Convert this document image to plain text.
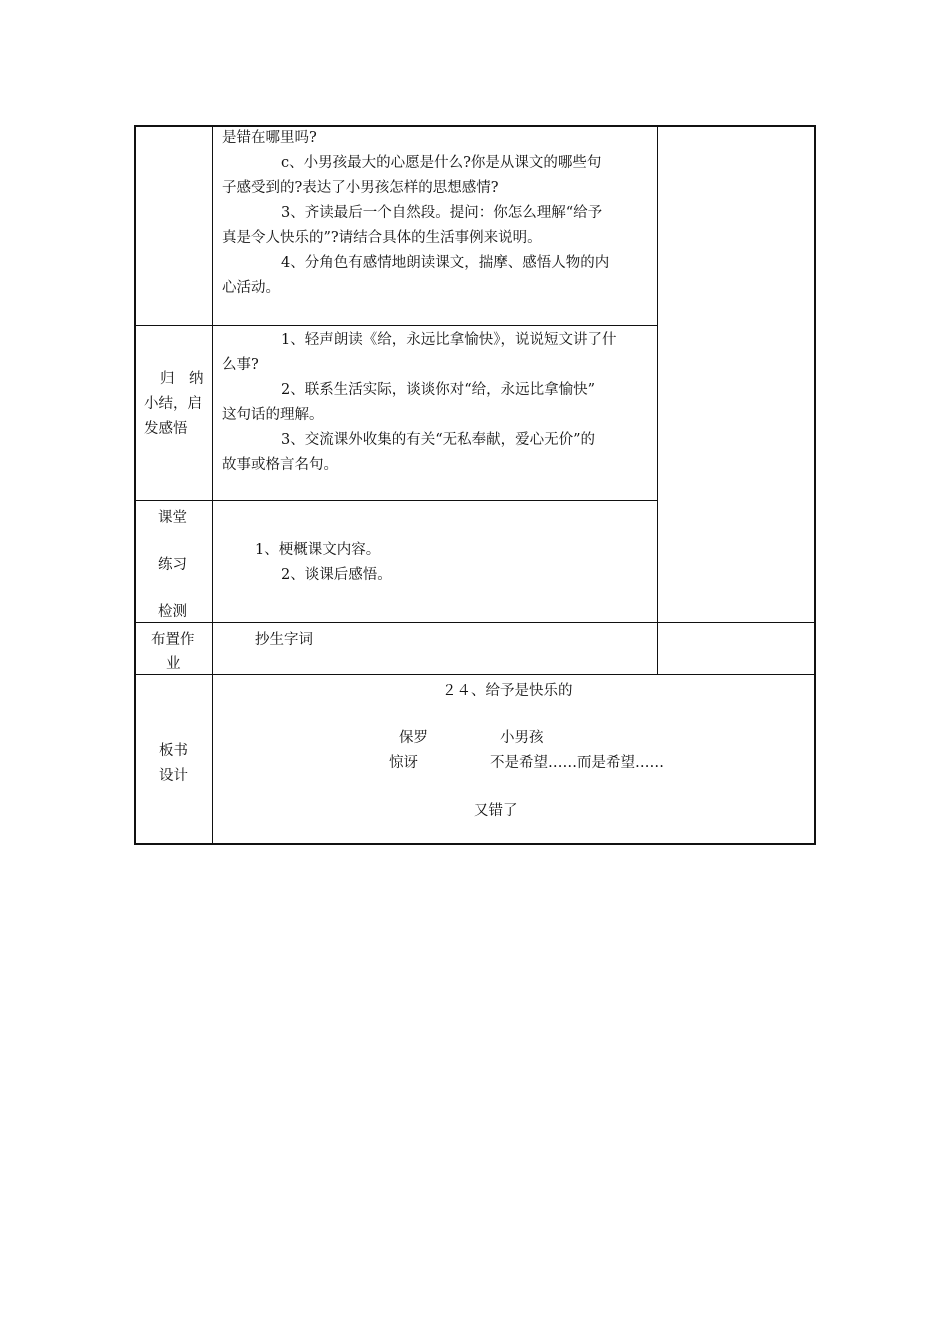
是错在哪里吗?
c、小男孩最大的心愿是什么?你是从课文的哪些句
子感受到的?表达了小男孩怎样的思想感情?
3、齐读最后一个自然段。提问：你怎么理解“给予
真是令人快乐的”?请结合具体的生活事例来说明。
4、分角色有感情地朗读课文，揣摩、感悟人物的内
心活动。
归　纳
小结，启
发感悟
1、轻声朗读《给，永远比拿愉快》，说说短文讲了什
么事?
2、联系生活实际，谈谈你对“给，永远比拿愉快”
这句话的理解。
3、交流课外收集的有关“无私奉献，爱心无价”的
故事或格言名句。
课堂
练习
检测
1、梗概课文内容。
2、谈课后感悟。
布置作
业
抄生字词
板书
设计
２４、给予是快乐的
保罗	小男孩
惊讶	不是希望……而是希望……
又错了
